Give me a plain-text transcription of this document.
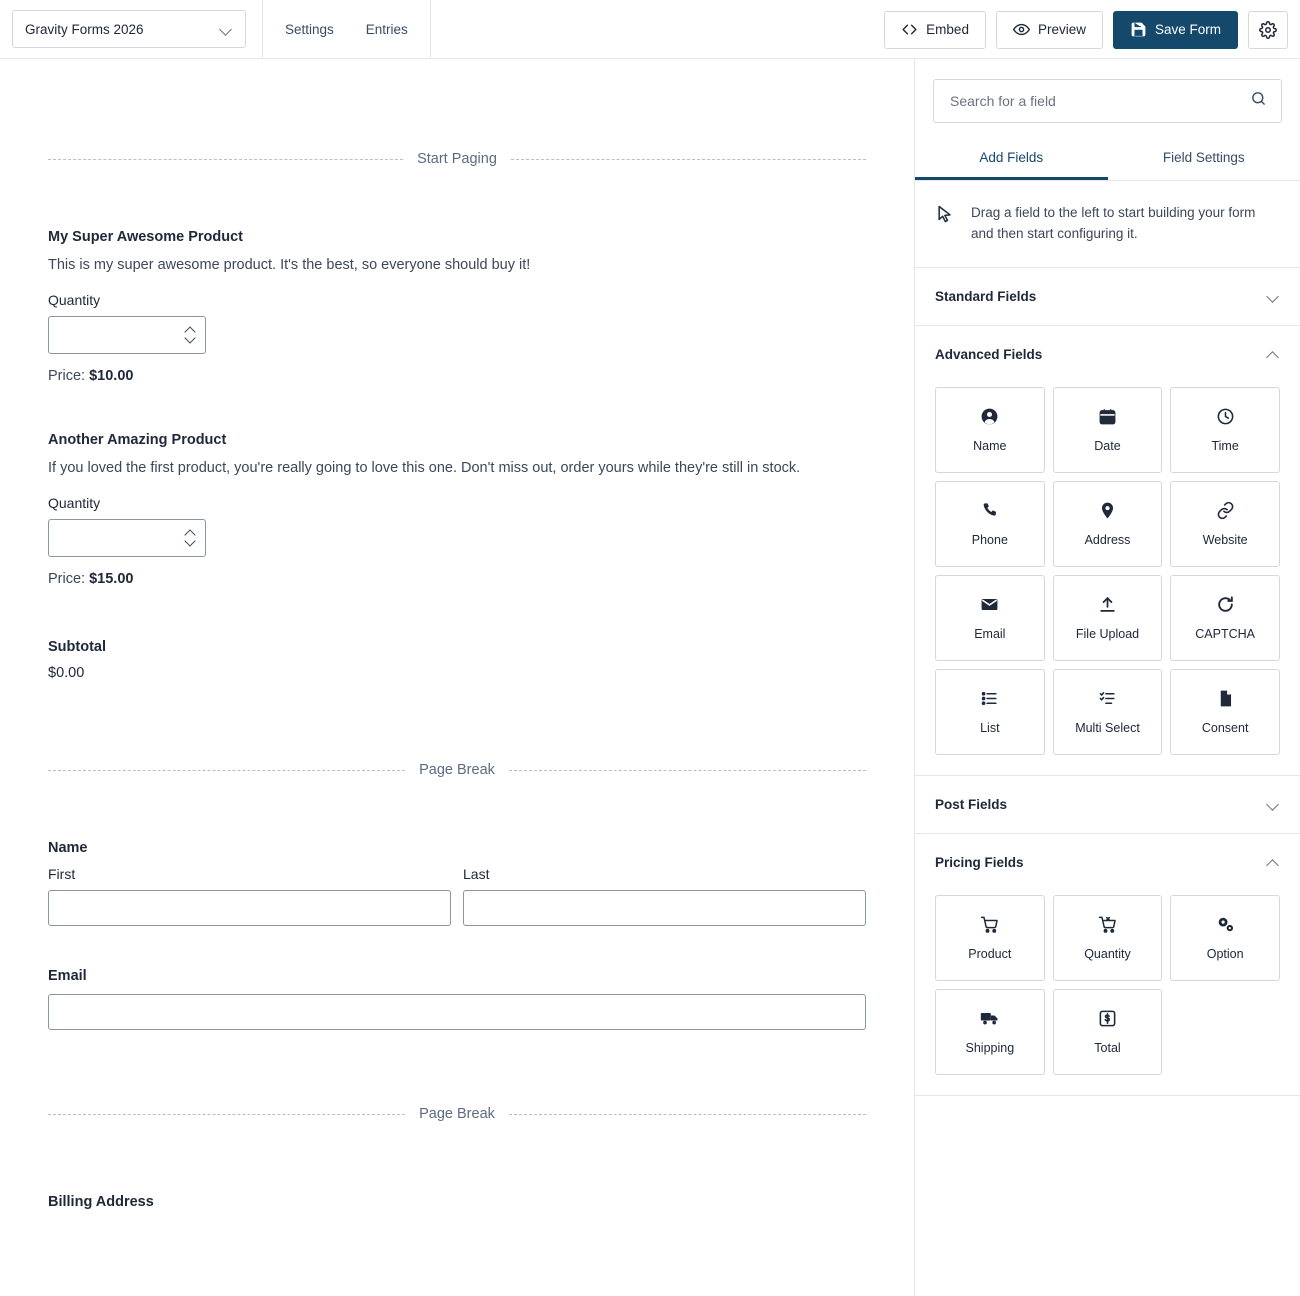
Gravity Forms 2026	Settings	Entries	Embed	Preview	Save Form
Start Paging
My Super Awesome Product
This is my super awesome product. It's the best, so everyone should buy it!
Quantity
Price: $10.00
Another Amazing Product
If you loved the first product, you're really going to love this one. Don't miss out, order yours while they're still in stock.
Quantity
Price: $15.00
Subtotal
$0.00
Page Break
Name
First	Last
Email
Page Break
Billing Address
Search for a field
Add Fields	Field Settings

Drag a field to the left to start building your form and then start configuring it.

Standard Fields
Advanced Fields
Name	Date	Time
Phone	Address	Website
Email	File Upload	CAPTCHA
List	Multi Select	Consent
Post Fields
Pricing Fields
Product	Quantity	Option
Shipping	Total
